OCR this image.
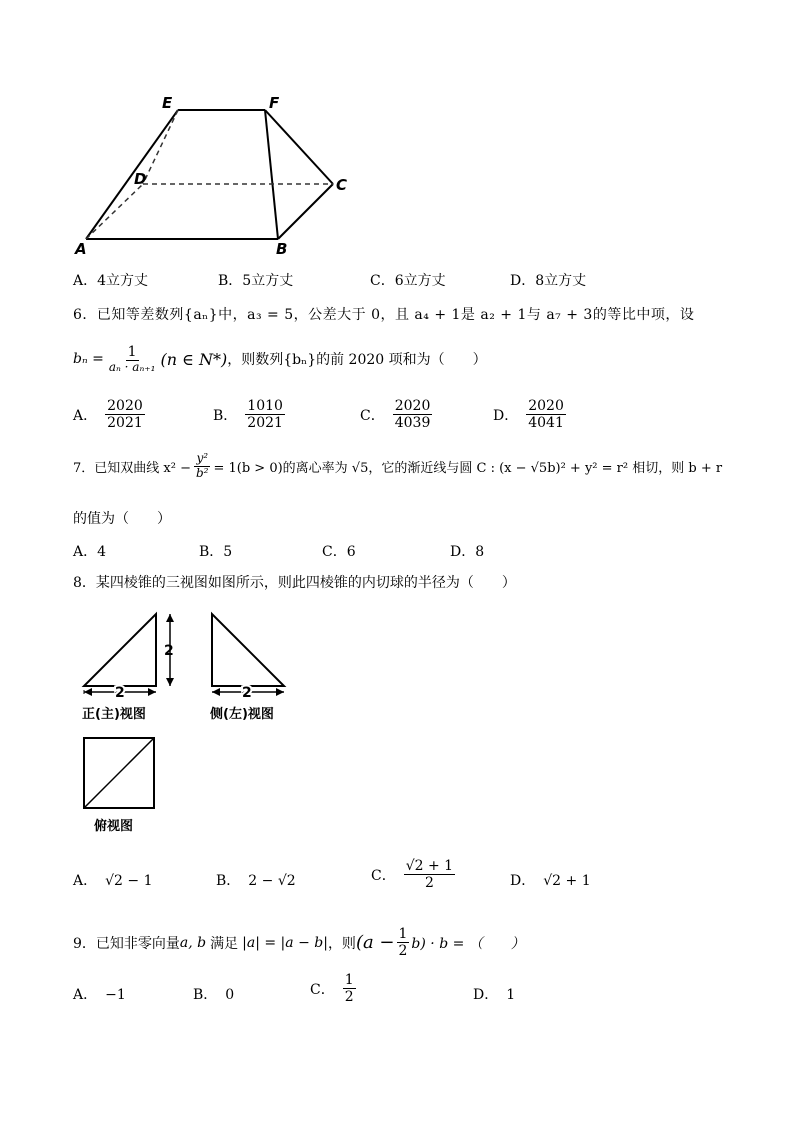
E	F
D	C
A	B
A．4立方丈	B．5立方丈	C．6立方丈	D．8立方丈
6．已知等差数列{aₙ}中，a₃ = 5，公差大于 0，且 a₄ + 1是 a₂ + 1与 a₇ + 3的等比中项，设
$b_n = \frac{1}{\text{aₙ · aₙ₊₁}} (n$ ∈ N*) ，则数列{bₙ}的前 2020 项和为（　　）
A． $\frac{2020}{2021}$	B． $\frac{1010}{2021}$	C． $\frac{2020}{4039}$	D． $\frac{2020}{4041}$
7．已知双曲线 $x^2 - \frac{\text{y²}}{\text{b²}} = 1(b > 0)$的离心率为 √5，它的渐近线与圆 C : (x − √5b)² + y² = r² 相切，则 b + r
的值为（　　）
A．4	B．5	C．6	D．8
8．某四棱锥的三视图如图所示，则此四棱锥的内切球的半径为（　　）
2
2
正(主)视图
2
侧(左)视图
俯视图
A． √2 − 1	B． 2 − √2	C． $\frac{√2 + 1}{2}$	D． √2 + 1
9．已知非零向量 a, b 满足 |a| = |a − b| ，则 $(a - \frac{1}{2} b) \cdot b$ = （　　）
A． −1	B． 0	C． $\frac{1}{2}$	D． 1
